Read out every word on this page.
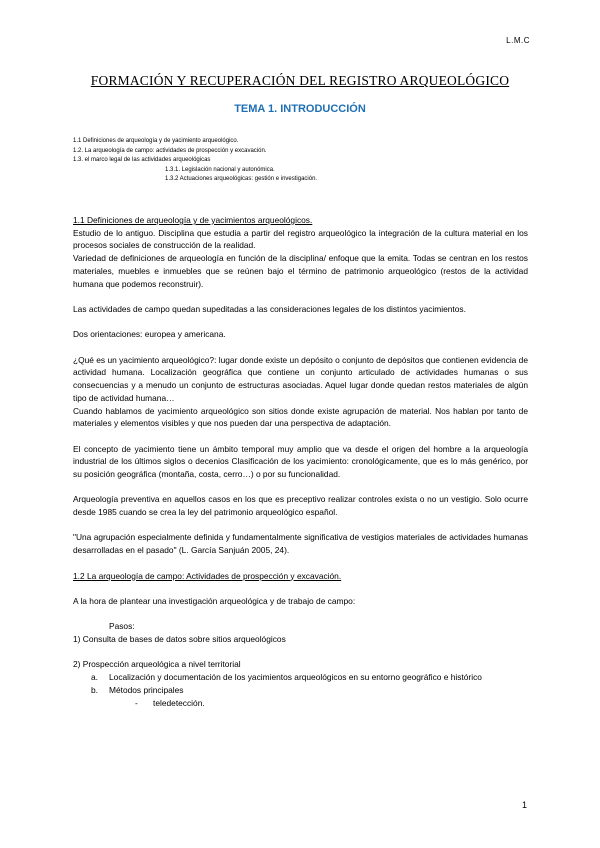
L.M.C
FORMACIÓN Y RECUPERACIÓN DEL REGISTRO ARQUEOLÓGICO
TEMA 1. INTRODUCCIÓN
1.1 Definiciones de arqueología y de yacimiento arqueológico.
1.2. La arqueología de campo: actividades de prospección y excavación.
1.3. el marco legal de las actividades arqueológicas
1.3.1. Legislación nacional y autonómica.
1.3.2 Actuaciones arqueológicas: gestión e investigación.

1.1 Definiciones de arqueología y de yacimientos arqueológicos.

Estudio de lo antiguo. Disciplina que estudia a partir del registro arqueológico la integración de la cultura material en los procesos sociales de construcción de la realidad.

Variedad de definiciones de arqueología en función de la disciplina/ enfoque que la emita. Todas se centran en los restos materiales, muebles e inmuebles que se reúnen bajo el término de patrimonio arqueológico (restos de la actividad humana que podemos reconstruir).

Las actividades de campo quedan supeditadas a las consideraciones legales de los distintos yacimientos.

Dos orientaciones: europea y americana.

¿Qué es un yacimiento arqueológico?: lugar donde existe un depósito o conjunto de depósitos que contienen evidencia de actividad humana. Localización geográfica que contiene un conjunto articulado de actividades humanas o sus consecuencias y a menudo un conjunto de estructuras asociadas. Aquel lugar donde quedan restos materiales de algún tipo de actividad humana…

Cuando hablamos de yacimiento arqueológico son sitios donde existe agrupación de material. Nos hablan por tanto de materiales y elementos visibles y que nos pueden dar una perspectiva de adaptación.

El concepto de yacimiento tiene un ámbito temporal muy amplio que va desde el origen del hombre a la arqueología industrial de los últimos siglos o decenios Clasificación de los yacimiento: cronológicamente, que es lo más genérico, por su posición geográfica (montaña, costa, cerro…) o por su funcionalidad.

Arqueología preventiva en aquellos casos en los que es preceptivo realizar controles exista o no un vestigio. Solo ocurre desde 1985 cuando se crea la ley del patrimonio arqueológico español.

"Una agrupación especialmente definida y fundamentalmente significativa de vestigios materiales de actividades humanas desarrolladas en el pasado" (L. García Sanjuán 2005, 24).

1.2 La arqueología de campo: Actividades de prospección y excavación.

A la hora de plantear una investigación arqueológica y de trabajo de campo:

Pasos:

1) Consulta de bases de datos sobre sitios arqueológicos

2) Prospección arqueológica a nivel territorial

a. Localización y documentación de los yacimientos arqueológicos en su entorno geográfico e histórico

b. Métodos principales

- teledetección.

1
